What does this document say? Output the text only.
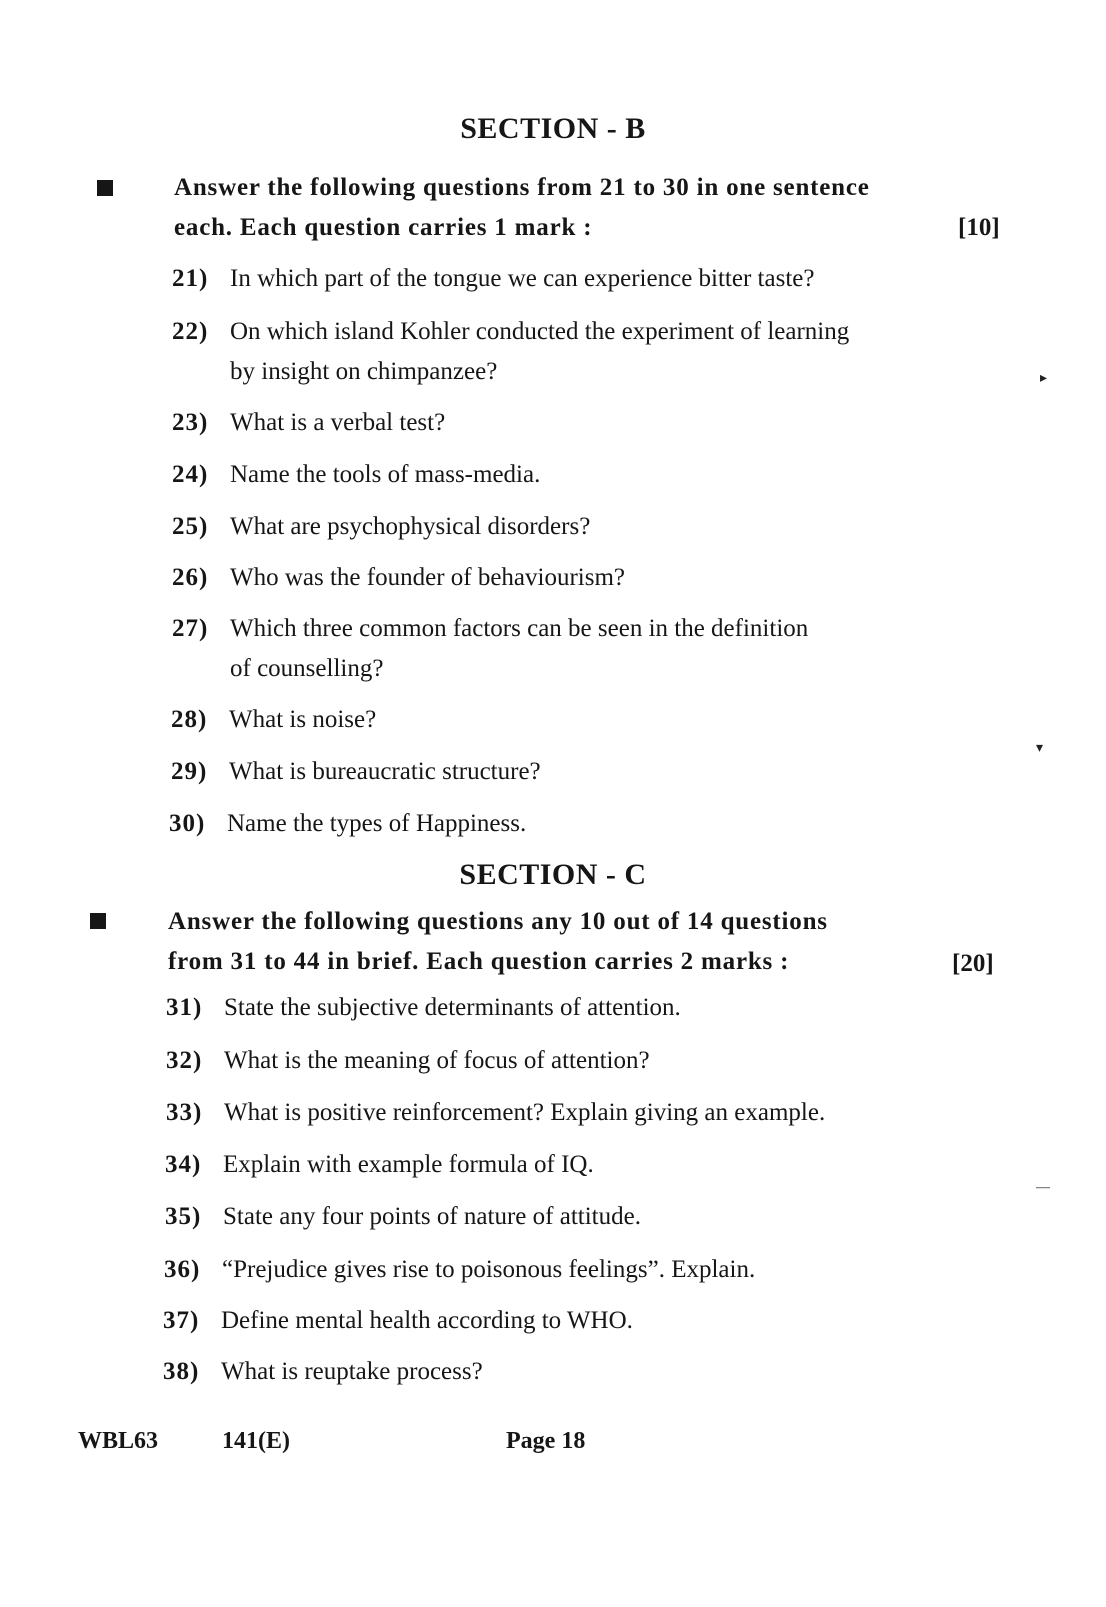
SECTION - B
Answer the following questions from 21 to 30 in one sentence
each. Each question carries 1 mark :	[10]
21) In which part of the tongue we can experience bitter taste?
22) On which island Kohler conducted the experiment of learning
by insight on chimpanzee?
23) What is a verbal test?
24) Name the tools of mass-media.
25) What are psychophysical disorders?
26) Who was the founder of behaviourism?
27) Which three common factors can be seen in the definition
of counselling?
28) What is noise?
29) What is bureaucratic structure?
30) Name the types of Happiness.
SECTION - C
Answer the following questions any 10 out of 14 questions
from 31 to 44 in brief. Each question carries 2 marks :	[20]
31) State the subjective determinants of attention.
32) What is the meaning of focus of attention?
33) What is positive reinforcement? Explain giving an example.
34) Explain with example formula of IQ.
35) State any four points of nature of attitude.
36) “Prejudice gives rise to poisonous feelings”. Explain.
37) Define mental health according to WHO.
38) What is reuptake process?
▸
▾
—
WBL63	141(E)	Page 18
